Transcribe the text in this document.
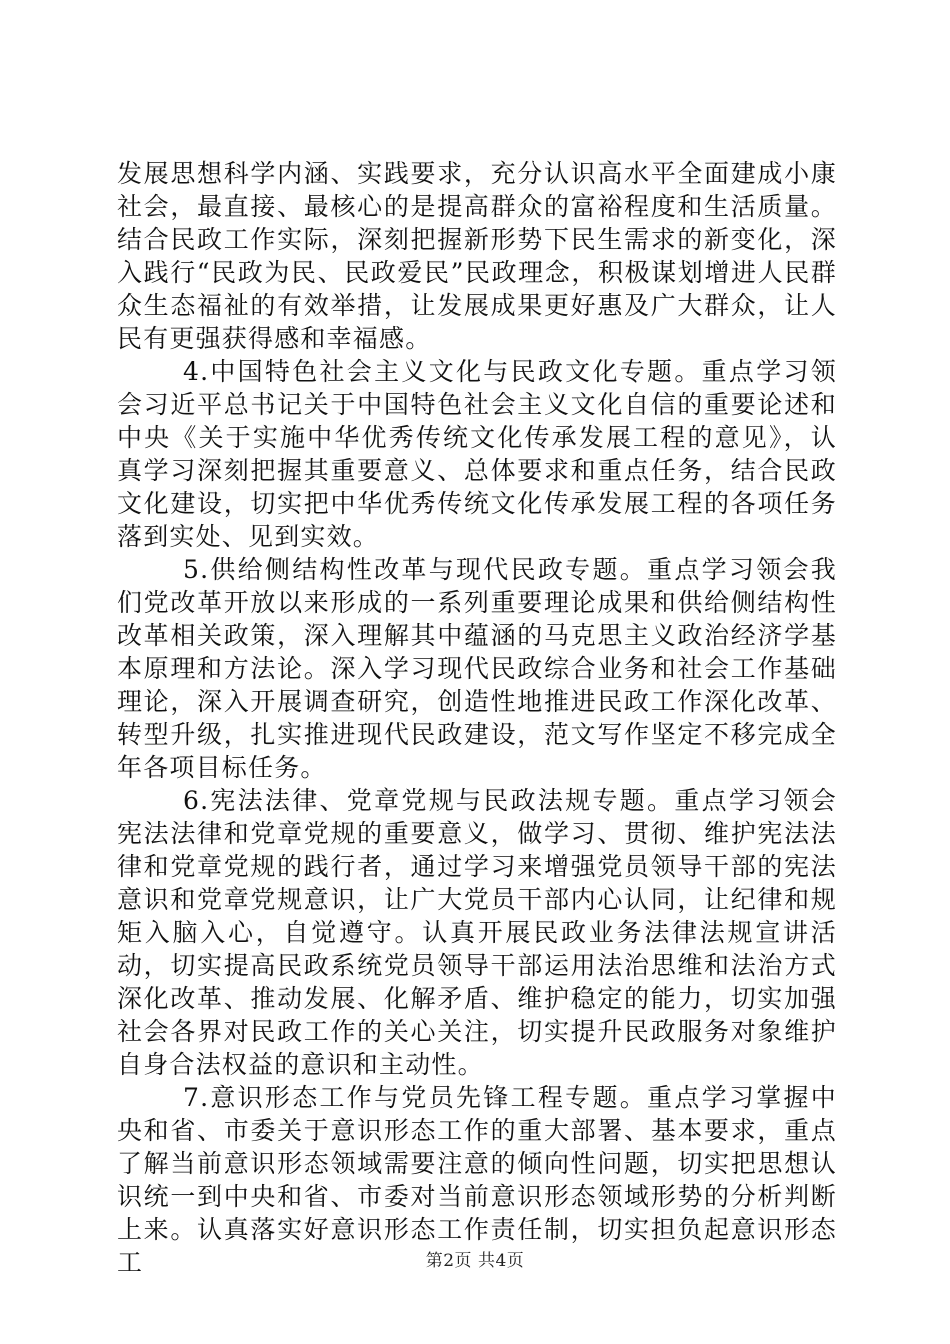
发展思想科学内涵、实践要求，充分认识高水平全面建成小康社会，最直接、最核心的是提高群众的富裕程度和生活质量。结合民政工作实际，深刻把握新形势下民生需求的新变化，深入践行“民政为民、民政爱民”民政理念，积极谋划增进人民群众生态福祉的有效举措，让发展成果更好惠及广大群众，让人民有更强获得感和幸福感。

4.中国特色社会主义文化与民政文化专题。重点学习领会习近平总书记关于中国特色社会主义文化自信的重要论述和中央《关于实施中华优秀传统文化传承发展工程的意见》，认真学习深刻把握其重要意义、总体要求和重点任务，结合民政文化建设，切实把中华优秀传统文化传承发展工程的各项任务落到实处、见到实效。

5.供给侧结构性改革与现代民政专题。重点学习领会我们党改革开放以来形成的一系列重要理论成果和供给侧结构性改革相关政策，深入理解其中蕴涵的马克思主义政治经济学基本原理和方法论。深入学习现代民政综合业务和社会工作基础理论，深入开展调查研究，创造性地推进民政工作深化改革、转型升级，扎实推进现代民政建设，范文写作坚定不移完成全年各项目标任务。

6.宪法法律、党章党规与民政法规专题。重点学习领会宪法法律和党章党规的重要意义，做学习、贯彻、维护宪法法律和党章党规的践行者，通过学习来增强党员领导干部的宪法意识和党章党规意识，让广大党员干部内心认同，让纪律和规矩入脑入心，自觉遵守。认真开展民政业务法律法规宣讲活动，切实提高民政系统党员领导干部运用法治思维和法治方式深化改革、推动发展、化解矛盾、维护稳定的能力，切实加强社会各界对民政工作的关心关注，切实提升民政服务对象维护自身合法权益的意识和主动性。

7.意识形态工作与党员先锋工程专题。重点学习掌握中央和省、市委关于意识形态工作的重大部署、基本要求，重点了解当前意识形态领域需要注意的倾向性问题，切实把思想认识统一到中央和省、市委对当前意识形态领域形势的分析判断上来。认真落实好意识形态工作责任制，切实担负起意识形态工	第2页 共4页
